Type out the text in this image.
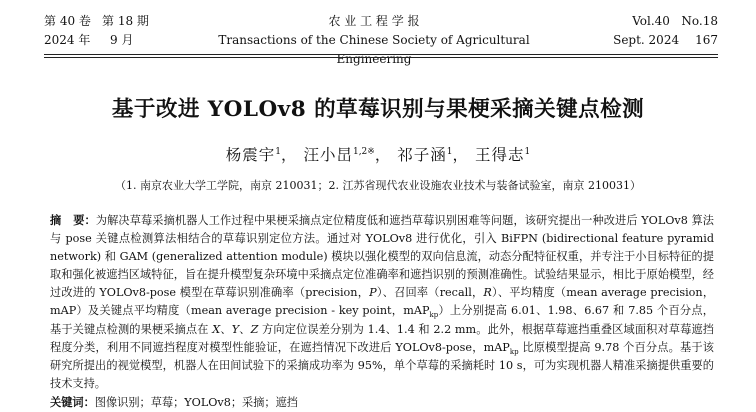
第 40 卷 第 18 期
2024 年 9 月
农 业 工 程 学 报
Transactions of the Chinese Society of Agricultural Engineering
Vol.40   No.18
Sept. 2024 167
基于改进 YOLOv8 的草莓识别与果梗采摘关键点检测
杨震宇$^1$， 汪小旵$^{1,2※}$， 祁子涵$^1$， 王得志$^1$
（1. 南京农业大学工学院，南京 210031；2. 江苏省现代农业设施农业技术与装备试验室，南京 210031）
摘   要：为解决草莓采摘机器人工作过程中果梗采摘点定位精度低和遮挡草莓识别困难等问题，该研究提出一种改进后 YOLOv8 算法与 pose 关键点检测算法相结合的草莓识别定位方法。通过对 YOLOv8 进行优化，引入 BiFPN (bidirectional feature pyramid network) 和 GAM (generalized attention module) 模块以强化模型的双向信息流，动态分配特征权重，并专注于小目标特征的提取和强化被遮挡区域特征，旨在提升模型复杂环境中采摘点定位准确率和遮挡识别的预测准确性。试验结果显示，相比于原始模型，经过改进的 YOLOv8-pose 模型在草莓识别准确率（precision，P）、召回率（recall，R）、平均精度（mean average precision，mAP）及关键点平均精度（mean average precision - key point，mAP$_{kp}$）上分别提高 6.01、1.98、6.67 和 7.85 个百分点，基于关键点检测的果梗采摘点在 X、Y、Z 方向定位误差分别为 1.4、1.4 和 2.2 mm。此外，根据草莓遮挡重叠区域面积对草莓遮挡程度分类，利用不同遮挡程度对模型性能验证，在遮挡情况下改进后 YOLOv8-pose，mAP$_{kp}$ 比原模型提高 9.78 个百分点。基于该研究所提出的视觉模型，机器人在田间试验下的采摘成功率为 95%，单个草莓的采摘耗时 10 s，可为实现机器人精准采摘提供重要的技术支持。
关键词：图像识别；草莓；YOLOv8；采摘；遮挡
